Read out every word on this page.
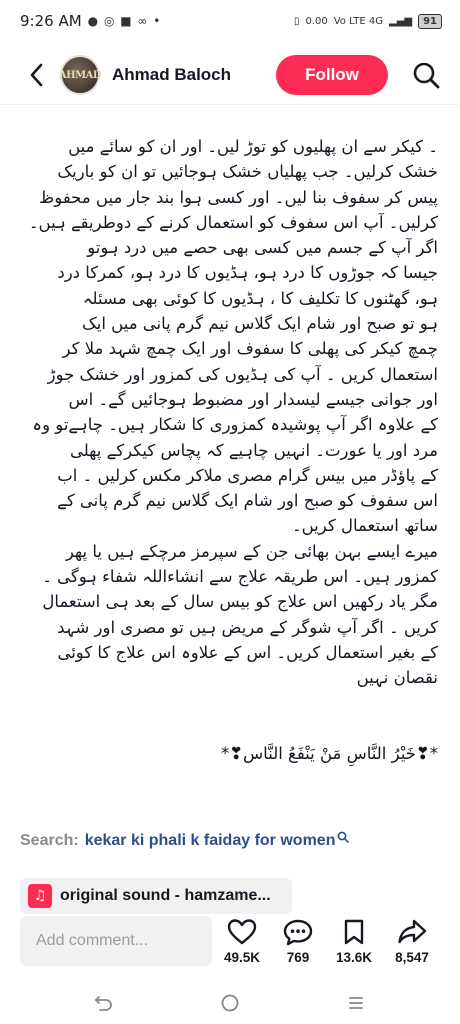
9:26 AM ● ◎ ■ ∞ •	▯ 0.00 Vo LTE 4G ▂▄▆	91
AHMAD Ahmad Baloch	Follow

۔ کیکر سے ان پھلیوں کو توڑ لیں۔ اور ان کو سائے میں

خشک کرلیں۔ جب پھلیاں خشک ہوجائیں تو ان کو باریک

پیس کر سفوف بنا لیں۔ اور کسی ہوا بند جار میں محفوظ

کرلیں۔ آپ اس سفوف کو استعمال کرنے کے دوطریقے ہیں۔

اگر آپ کے جسم میں کسی بھی حصے میں درد ہوتو

جیسا کہ جوڑوں کا درد ہو، ہڈیوں کا درد ہو، کمرکا درد

ہو، گھٹنوں کا تکلیف کا ، ہڈیوں کا کوئی بھی مسئلہ

ہو تو صبح اور شام ایک گلاس نیم گرم پانی میں ایک

چمچ کیکر کی پھلی کا سفوف اور ایک چمچ شہد ملا کر

استعمال کریں ۔ آپ کی ہڈیوں کی کمزور اور خشک جوڑ

اور جوانی جیسے لیسدار اور مضبوط ہوجائیں گے۔ اس

کے علاوہ اگر آپ پوشیدہ کمزوری کا شکار ہیں۔ چاہےتو وہ

مرد اور یا عورت۔ انہیں چاہیے کہ پچاس کیکرکے پھلی

کے پاؤڈر میں بیس گرام مصری ملاکر مکس کرلیں ۔ اب

اس سفوف کو صبح اور شام ایک گلاس نیم گرم پانی کے

ساتھ استعمال کریں۔

میرے ایسے بہن بھائی جن کے سپرمز مرچکے ہیں یا پھر

کمزور ہیں۔ اس طریقہ علاج سے انشاءاللہ شفاء ہوگی ۔

مگر یاد رکھیں اس علاج کو بیس سال کے بعد ہی استعمال

کریں ۔ اگر آپ شوگر کے مریض ہیں تو مصری اور شہد

کے بغیر استعمال کریں۔ اس کے علاوہ اس علاج کا کوئی

نقصان نہیں

*❣خَيْرُ النَّاسِ مَنْ يَنْفَعُ النَّاس❣*

Search: kekar ki phali k faiday for women
♫ original sound - hamzame...
Add comment...
49.5K 769 13.6K 8,547
